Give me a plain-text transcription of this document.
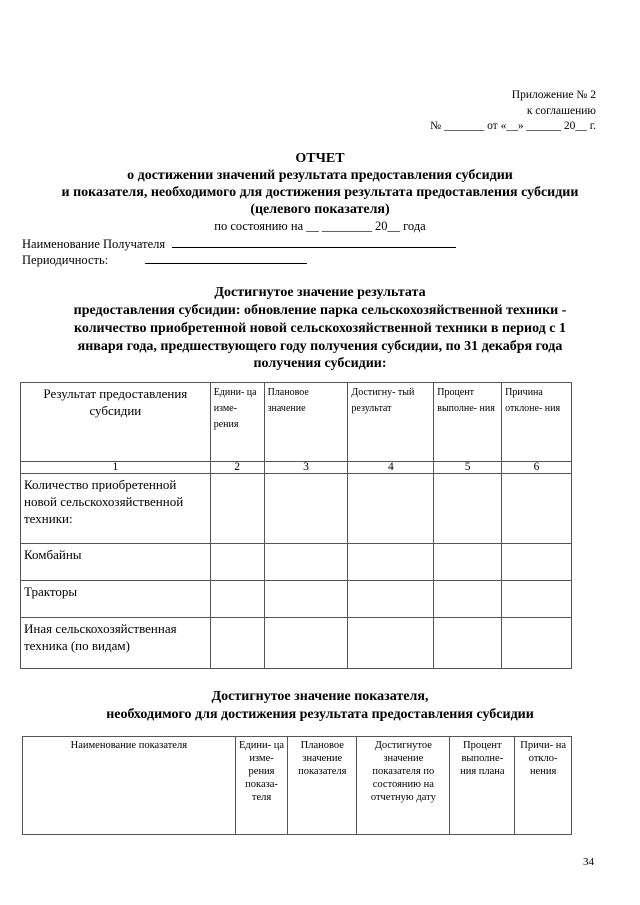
Приложение № 2
к соглашению
№ _______ от «__» ______ 20__ г.
ОТЧЕТ
о достижении значений результата предоставления субсидии
и показателя, необходимого для достижения результата предоставления субсидии
(целевого показателя)
по состоянию на __ ________ 20__ года
Наименование Получателя
Периодичность:
Достигнутое значение результата
предоставления субсидии: обновление парка сельскохозяйственной техники -
количество приобретенной новой сельскохозяйственной техники в период с 1
января года, предшествующего году получения субсидии, по 31 декабря года
получения субсидии:
Результат предоставления субсидии	Едини- ца изме- рения	Плановое значение	Достигну- тый результат	Процент выполне- ния	Причина отклоне- ния
1	2	3	4	5	6
Количество приобретенной новой сельскохозяйственной техники:					
Комбайны					
Тракторы					
Иная сельскохозяйственная техника (по видам)					
Достигнутое значение показателя,
необходимого для достижения результата предоставления субсидии
Наименование показателя	Едини- ца изме- рения показа- теля	Плановое значение показателя	Достигнутое значение показателя по состоянию на отчетную дату	Процент выполне- ния плана	Причи- на откло- нения
34
